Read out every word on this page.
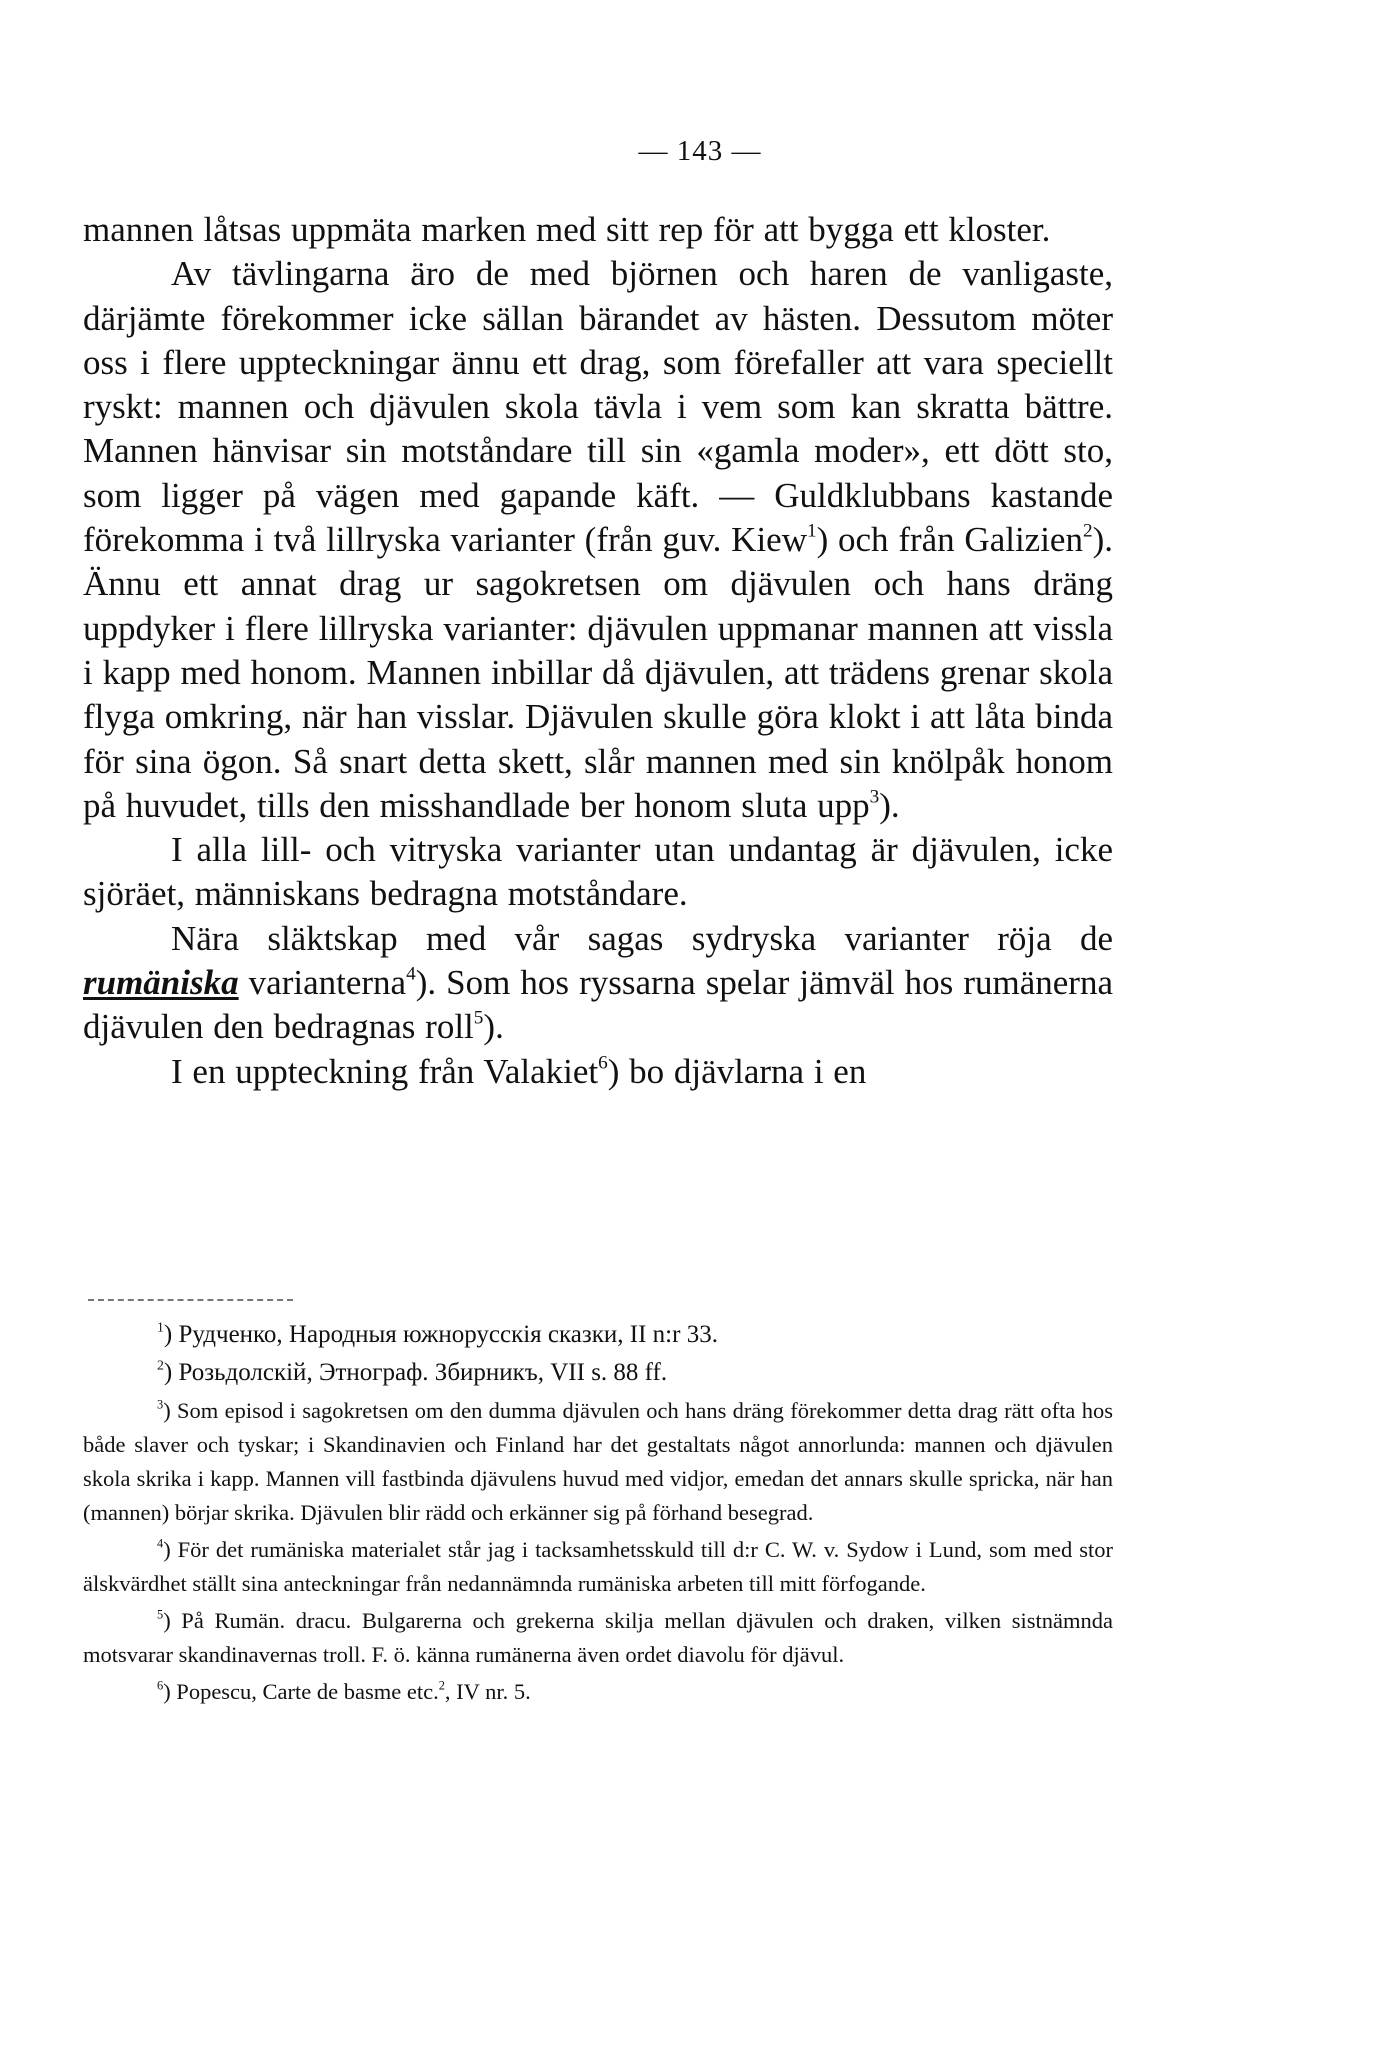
— 143 —

mannen låtsas uppmäta marken med sitt rep för att bygga ett kloster.

Av tävlingarna äro de med björnen och haren de vanligaste, därjämte förekommer icke sällan bärandet av hästen. Dessutom möter oss i flere uppteckningar ännu ett drag, som förefaller att vara speciellt ryskt: mannen och djävulen skola tävla i vem som kan skratta bättre. Mannen hänvisar sin motståndare till sin «gamla moder», ett dött sto, som ligger på vägen med gapande käft. — Guldklubbans kastande förekomma i två lillryska varianter (från guv. Kiew$^1$) och från Galizien$^2$). Ännu ett annat drag ur sagokretsen om djävulen och hans dräng uppdyker i flere lillryska varianter: djävulen uppmanar mannen att vissla i kapp med honom. Mannen inbillar då djävulen, att trädens grenar skola flyga omkring, när han visslar. Djävulen skulle göra klokt i att låta binda för sina ögon. Så snart detta skett, slår mannen med sin knölpåk honom på huvudet, tills den misshandlade ber honom sluta upp$^3$).

I alla lill- och vitryska varianter utan undantag är djävulen, icke sjöräet, människans bedragna motståndare.

Nära släktskap med vår sagas sydryska varianter röja de rumäniska varianterna$^4$). Som hos ryssarna spelar jämväl hos rumänerna djävulen den bedragnas roll$^5$).

I en uppteckning från Valakiet$^6$) bo djävlarna i en

$^1$) Рудченко, Народныя южнорусскія сказки, II n:r 33.

$^2$) Розьдолскій, Этнограф. Збирникъ, VII s. 88 ff.

$^3$) Som episod i sagokretsen om den dumma djävulen och hans dräng förekommer detta drag rätt ofta hos både slaver och tyskar; i Skandinavien och Finland har det gestaltats något annorlunda: mannen och djävulen skola skrika i kapp. Mannen vill fastbinda djävulens huvud med vidjor, emedan det annars skulle spricka, när han (mannen) börjar skrika. Djävulen blir rädd och erkänner sig på förhand besegrad.

$^4$) För det rumäniska materialet står jag i tacksamhetsskuld till d:r C. W. v. Sydow i Lund, som med stor älskvärdhet ställt sina anteckningar från nedannämnda rumäniska arbeten till mitt förfogande.

$^5$) På Rumän. dracu. Bulgarerna och grekerna skilja mellan djävulen och draken, vilken sistnämnda motsvarar skandinavernas troll. F. ö. känna rumänerna även ordet diavolu för djävul.

$^6$) Popescu, Carte de basme etc.$^2$, IV nr. 5.
